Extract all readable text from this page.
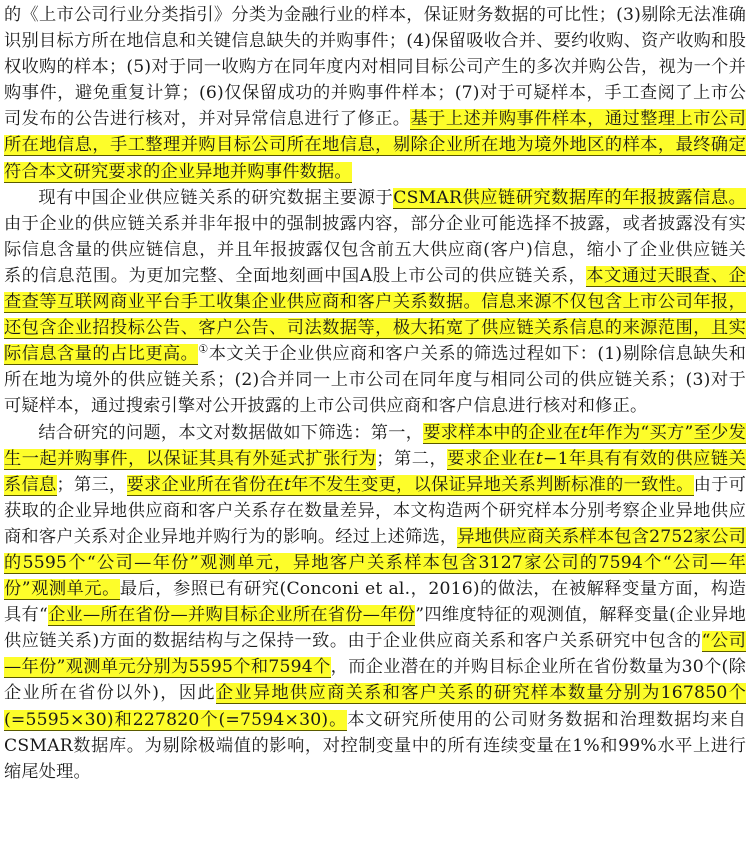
的《上市公司行业分类指引》分类为金融行业的样本，保证财务数据的可比性；(3)剔除无法准确识别目标方所在地信息和关键信息缺失的并购事件；(4)保留吸收合并、要约收购、资产收购和股权收购的样本；(5)对于同一收购方在同年度内对相同目标公司产生的多次并购公告，视为一个并购事件，避免重复计算；(6)仅保留成功的并购事件样本；(7)对于可疑样本，手工查阅了上市公司发布的公告进行核对，并对异常信息进行了修正。基于上述并购事件样本，通过整理上市公司所在地信息，手工整理并购目标公司所在地信息，剔除企业所在地为境外地区的样本，最终确定符合本文研究要求的企业异地并购事件数据。

现有中国企业供应链关系的研究数据主要源于CSMAR供应链研究数据库的年报披露信息。由于企业的供应链关系并非年报中的强制披露内容，部分企业可能选择不披露，或者披露没有实际信息含量的供应链信息，并且年报披露仅包含前五大供应商(客户)信息，缩小了企业供应链关系的信息范围。为更加完整、全面地刻画中国A股上市公司的供应链关系，本文通过天眼查、企查查等互联网商业平台手工收集企业供应商和客户关系数据。信息来源不仅包含上市公司年报，还包含企业招投标公告、客户公告、司法数据等，极大拓宽了供应链关系信息的来源范围，且实际信息含量的占比更高。①本文关于企业供应商和客户关系的筛选过程如下：(1)剔除信息缺失和所在地为境外的供应链关系；(2)合并同一上市公司在同年度与相同公司的供应链关系；(3)对于可疑样本，通过搜索引擎对公开披露的上市公司供应商和客户信息进行核对和修正。

结合研究的问题，本文对数据做如下筛选：第一，要求样本中的企业在t年作为“买方”至少发生一起并购事件，以保证其具有外延式扩张行为；第二，要求企业在t−1年具有有效的供应链关系信息；第三，要求企业所在省份在t年不发生变更，以保证异地关系判断标准的一致性。由于可获取的企业异地供应商和客户关系存在数量差异，本文构造两个研究样本分别考察企业异地供应商和客户关系对企业异地并购行为的影响。经过上述筛选，异地供应商关系样本包含2752家公司的5595个“公司—年份”观测单元，异地客户关系样本包含3127家公司的7594个“公司—年份”观测单元。最后，参照已有研究(Conconi et al.，2016)的做法，在被解释变量方面，构造具有“企业—所在省份—并购目标企业所在省份—年份”四维度特征的观测值，解释变量(企业异地供应链关系)方面的数据结构与之保持一致。由于企业供应商关系和客户关系研究中包含的“公司—年份”观测单元分别为5595个和7594个，而企业潜在的并购目标企业所在省份数量为30个(除企业所在省份以外)，因此企业异地供应商关系和客户关系的研究样本数量分别为167850个(=5595×30)和227820个(=7594×30)。本文研究所使用的公司财务数据和治理数据均来自CSMAR数据库。为剔除极端值的影响，对控制变量中的所有连续变量在1%和99%水平上进行缩尾处理。
